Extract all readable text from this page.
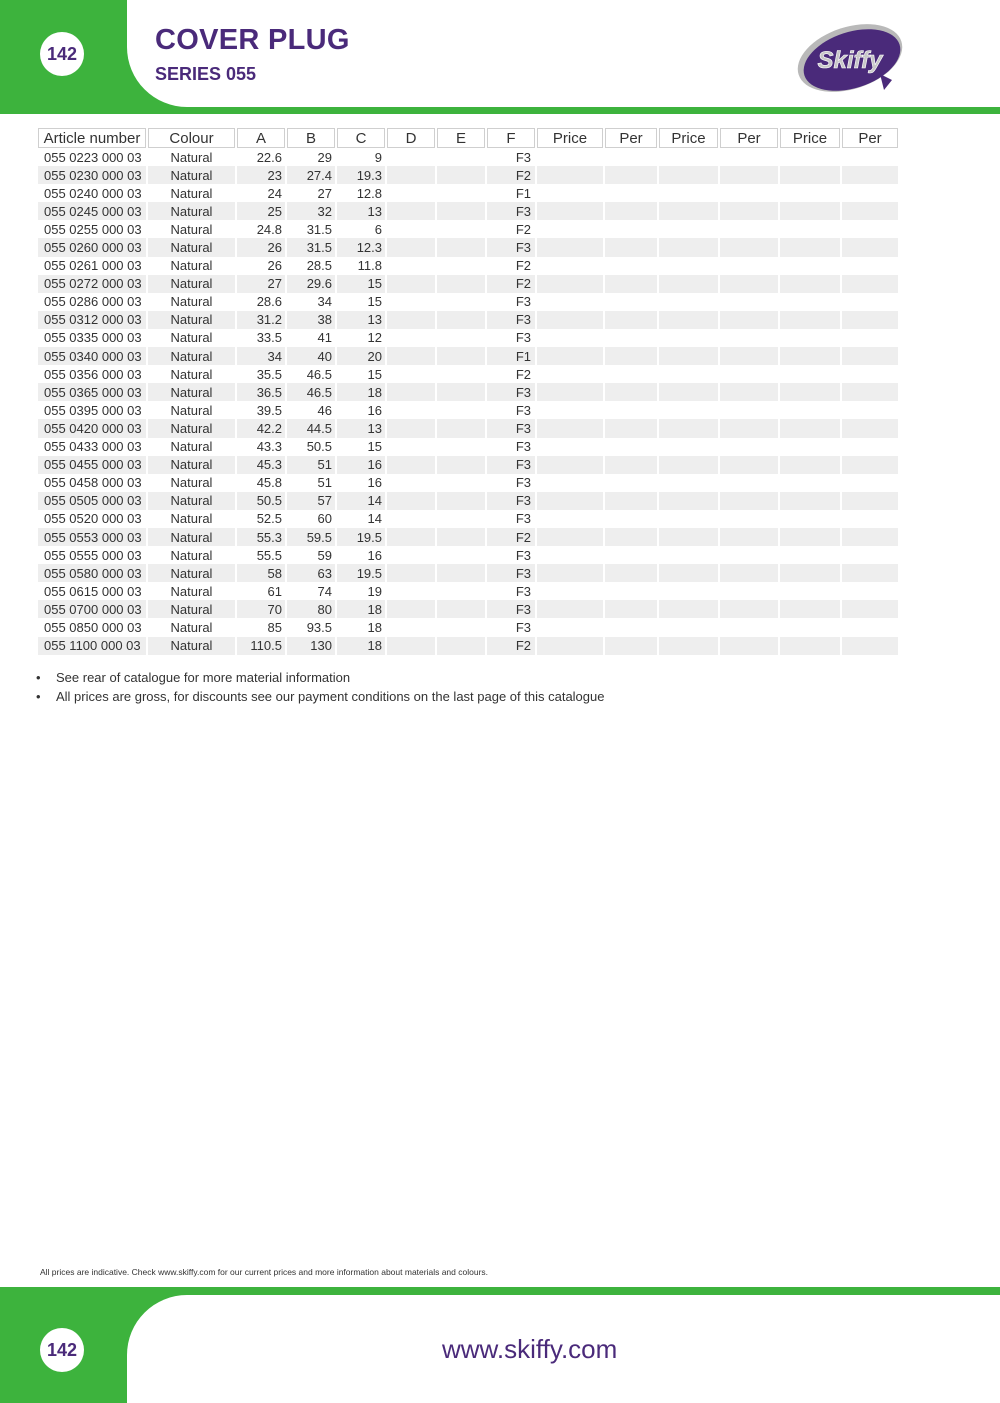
142	COVER PLUG
SERIES 055	Skiffy
Article number	Colour	A	B	C	D	E	F	Price	Per	Price	Per	Price	Per
055 0223 000 03	Natural	22.6	29	9			F3						
055 0230 000 03	Natural	23	27.4	19.3			F2						
055 0240 000 03	Natural	24	27	12.8			F1						
055 0245 000 03	Natural	25	32	13			F3						
055 0255 000 03	Natural	24.8	31.5	6			F2						
055 0260 000 03	Natural	26	31.5	12.3			F3						
055 0261 000 03	Natural	26	28.5	11.8			F2						
055 0272 000 03	Natural	27	29.6	15			F2						
055 0286 000 03	Natural	28.6	34	15			F3						
055 0312 000 03	Natural	31.2	38	13			F3						
055 0335 000 03	Natural	33.5	41	12			F3						
055 0340 000 03	Natural	34	40	20			F1						
055 0356 000 03	Natural	35.5	46.5	15			F2						
055 0365 000 03	Natural	36.5	46.5	18			F3						
055 0395 000 03	Natural	39.5	46	16			F3						
055 0420 000 03	Natural	42.2	44.5	13			F3						
055 0433 000 03	Natural	43.3	50.5	15			F3						
055 0455 000 03	Natural	45.3	51	16			F3						
055 0458 000 03	Natural	45.8	51	16			F3						
055 0505 000 03	Natural	50.5	57	14			F3						
055 0520 000 03	Natural	52.5	60	14			F3						
055 0553 000 03	Natural	55.3	59.5	19.5			F2						
055 0555 000 03	Natural	55.5	59	16			F3						
055 0580 000 03	Natural	58	63	19.5			F3						
055 0615 000 03	Natural	61	74	19			F3						
055 0700 000 03	Natural	70	80	18			F3						
055 0850 000 03	Natural	85	93.5	18			F3						
055 1100 000 03	Natural	110.5	130	18			F2						
• See rear of catalogue for more material information
• All prices are gross, for discounts see our payment conditions on the last page of this catalogue
All prices are indicative. Check www.skiffy.com for our current prices and more information about materials and colours.
142	www.skiffy.com
